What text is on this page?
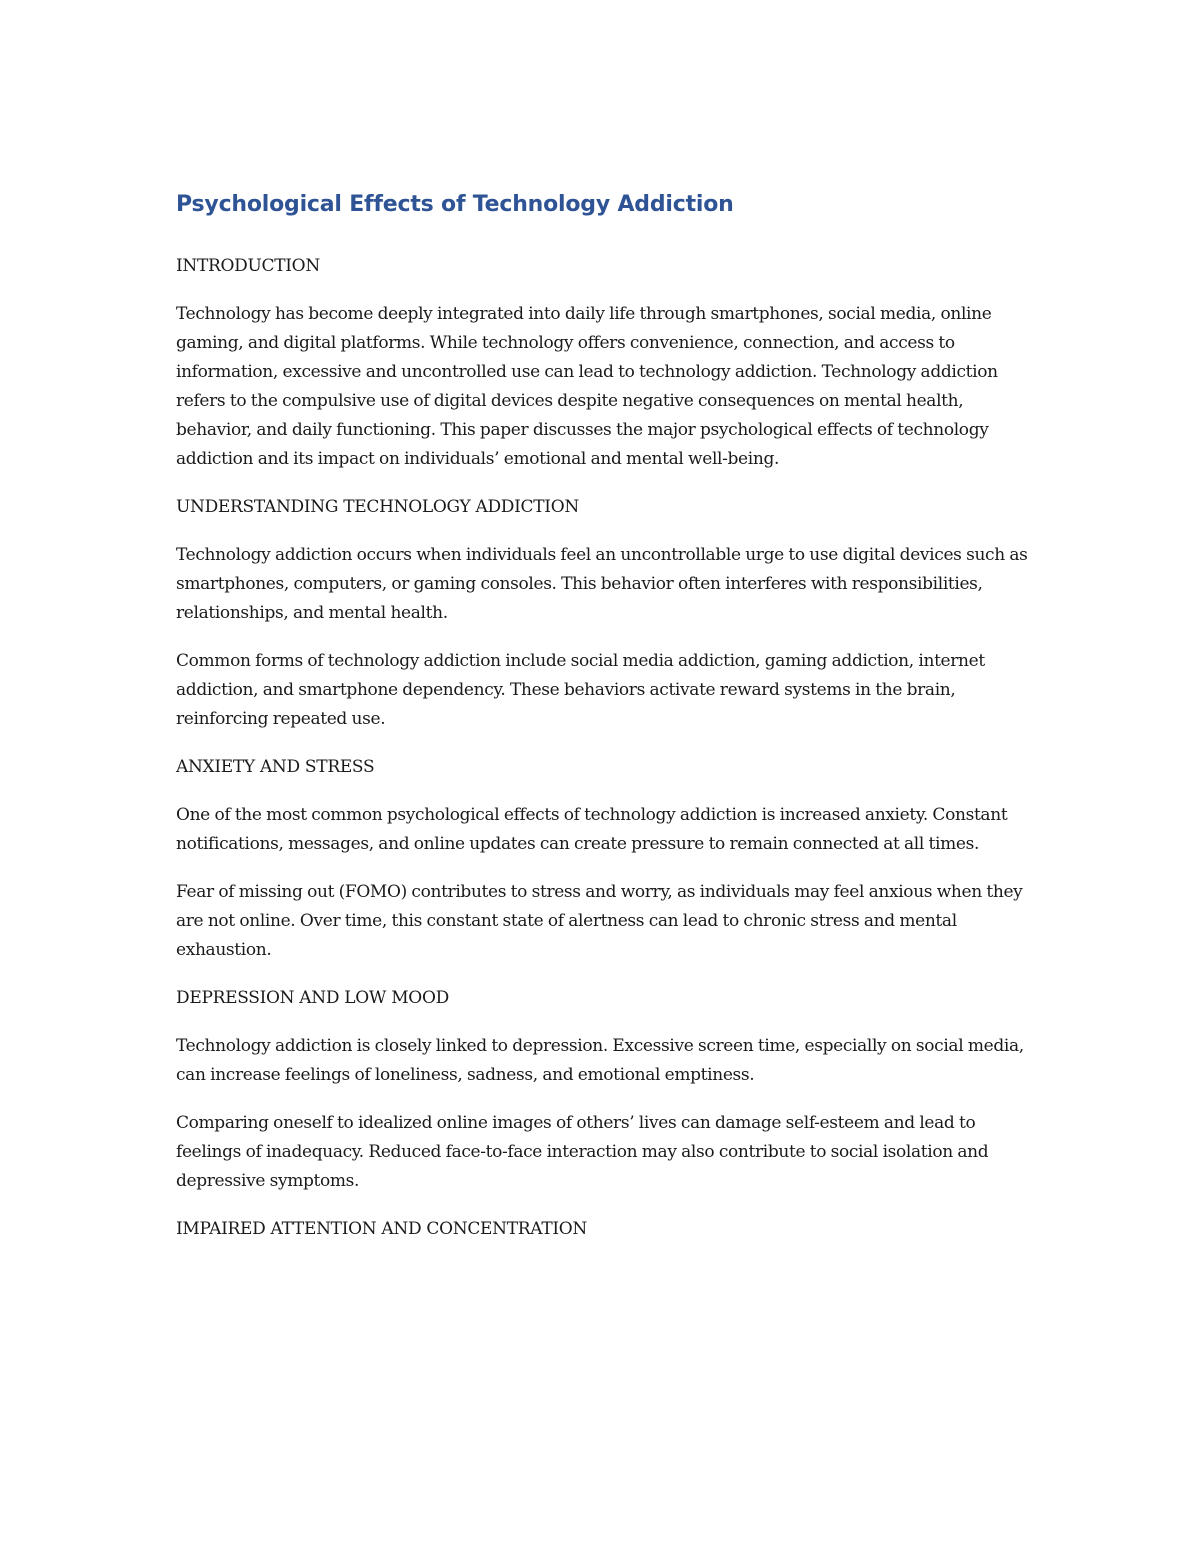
Psychological Effects of Technology Addiction
INTRODUCTION

Technology has become deeply integrated into daily life through smartphones, social media, online gaming, and digital platforms. While technology offers convenience, connection, and access to information, excessive and uncontrolled use can lead to technology addiction. Technology addiction refers to the compulsive use of digital devices despite negative consequences on mental health, behavior, and daily functioning. This paper discusses the major psychological effects of technology addiction and its impact on individuals’ emotional and mental well-being.

UNDERSTANDING TECHNOLOGY ADDICTION

Technology addiction occurs when individuals feel an uncontrollable urge to use digital devices such as smartphones, computers, or gaming consoles. This behavior often interferes with responsibilities, relationships, and mental health.

Common forms of technology addiction include social media addiction, gaming addiction, internet addiction, and smartphone dependency. These behaviors activate reward systems in the brain, reinforcing repeated use.

ANXIETY AND STRESS

One of the most common psychological effects of technology addiction is increased anxiety. Constant notifications, messages, and online updates can create pressure to remain connected at all times.

Fear of missing out (FOMO) contributes to stress and worry, as individuals may feel anxious when they are not online. Over time, this constant state of alertness can lead to chronic stress and mental exhaustion.

DEPRESSION AND LOW MOOD

Technology addiction is closely linked to depression. Excessive screen time, especially on social media, can increase feelings of loneliness, sadness, and emotional emptiness.

Comparing oneself to idealized online images of others’ lives can damage self-esteem and lead to feelings of inadequacy. Reduced face-to-face interaction may also contribute to social isolation and depressive symptoms.

IMPAIRED ATTENTION AND CONCENTRATION
